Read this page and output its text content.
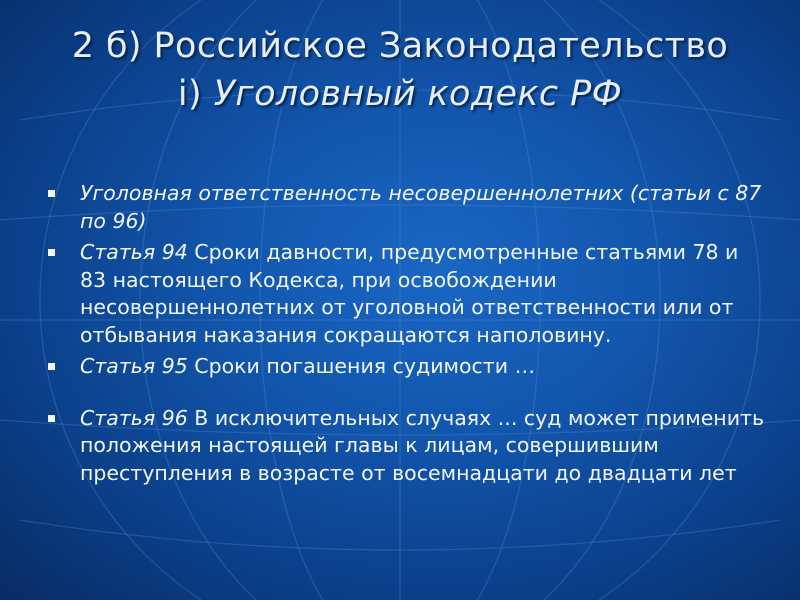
2 б) Российское Законодательство
i) Уголовный кодекс РФ
Уголовная ответственность несовершеннолетних (статьи с 87 по 96)
Статья 94 Сроки давности, предусмотренные статьями 78 и 83 настоящего Кодекса, при освобождении несовершеннолетних от уголовной ответственности или от отбывания наказания сокращаются наполовину.
Статья 95 Сроки погашения судимости …
Статья 96 В исключительных случаях ... суд может применить положения настоящей главы к лицам, совершившим преступления в возрасте от восемнадцати до двадцати лет
